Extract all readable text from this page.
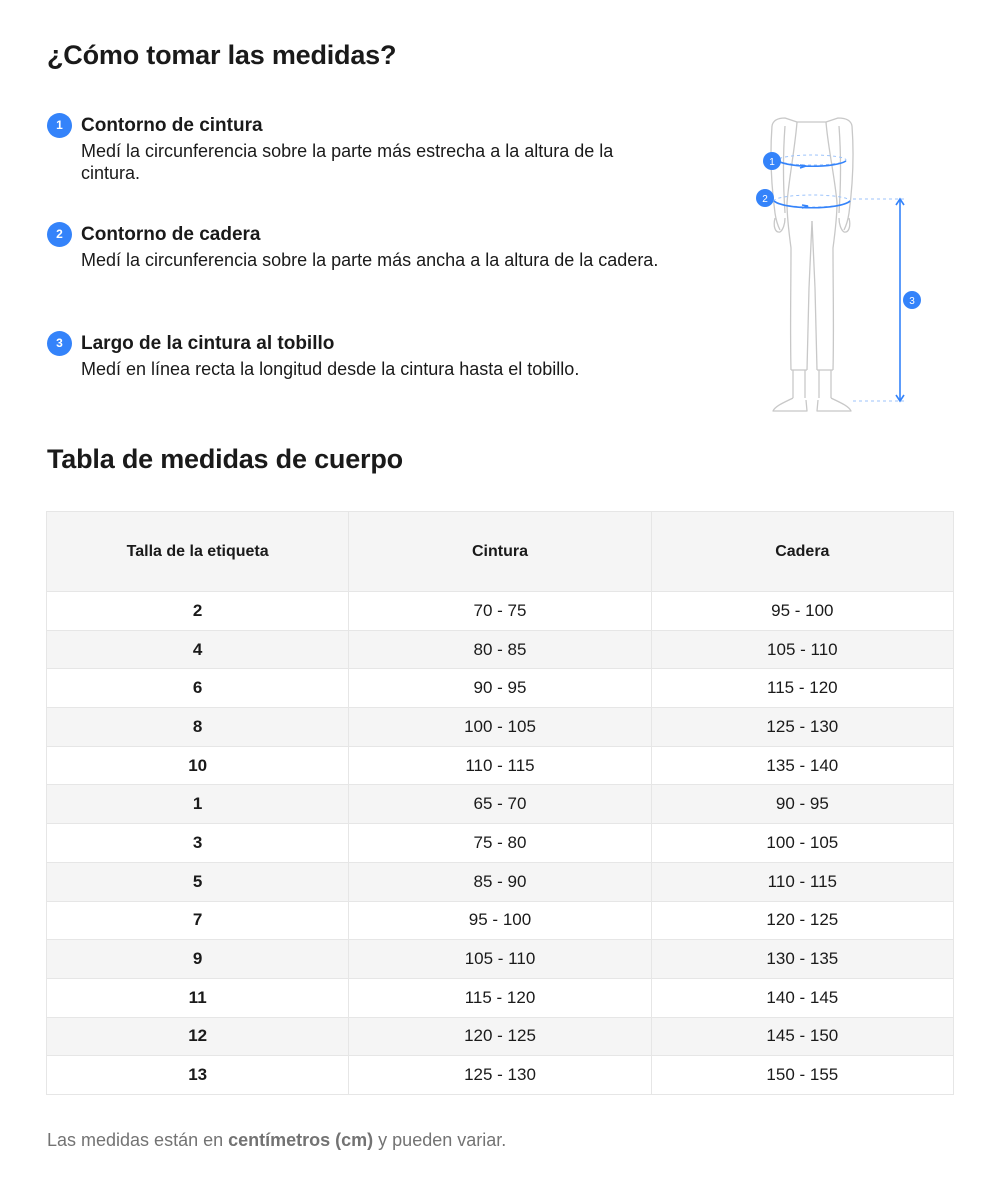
¿Cómo tomar las medidas?
1 Contorno de cintura
Medí la circunferencia sobre la parte más estrecha a la altura de la cintura.
2 Contorno de cadera
Medí la circunferencia sobre la parte más ancha a la altura de la cadera.
3 Largo de la cintura al tobillo
Medí en línea recta la longitud desde la cintura hasta el tobillo.
1
2
3
Tabla de medidas de cuerpo
Talla de la etiqueta	Cintura	Cadera
2	70 - 75	95 - 100
4	80 - 85	105 - 110
6	90 - 95	115 - 120
8	100 - 105	125 - 130
10	110 - 115	135 - 140
1	65 - 70	90 - 95
3	75 - 80	100 - 105
5	85 - 90	110 - 115
7	95 - 100	120 - 125
9	105 - 110	130 - 135
11	115 - 120	140 - 145
12	120 - 125	145 - 150
13	125 - 130	150 - 155

Las medidas están en centímetros (cm) y pueden variar.
